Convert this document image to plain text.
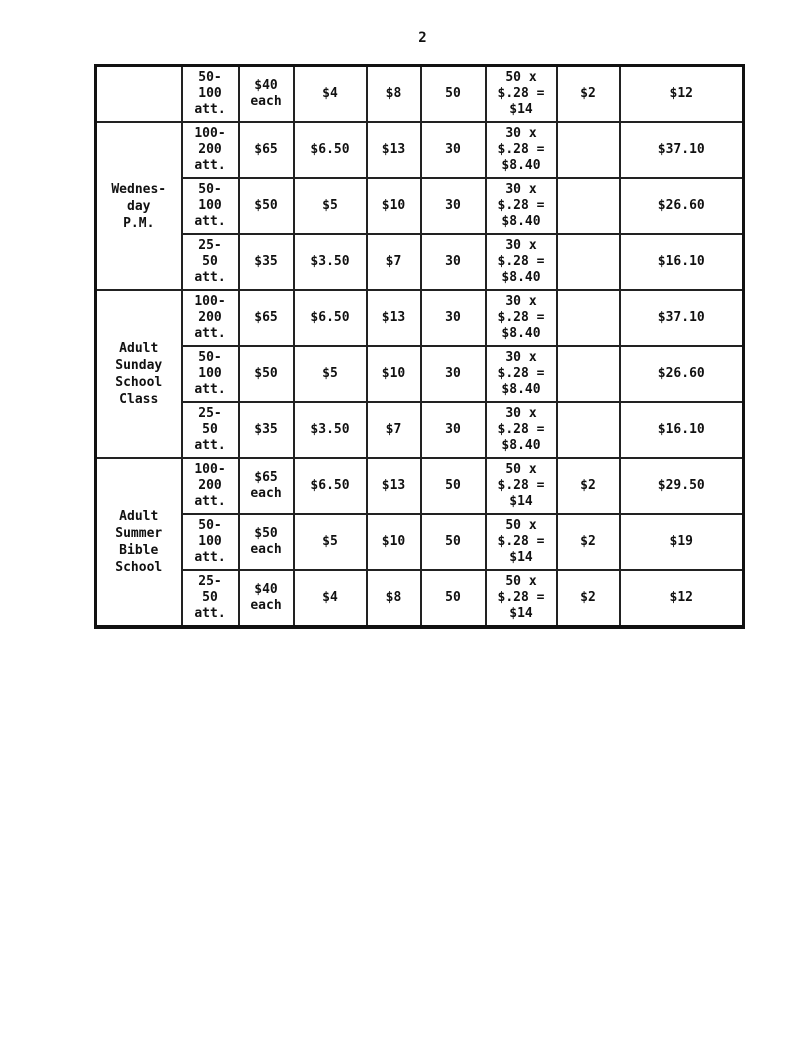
2
	50-
100
att.	$40
each	$4	$8	50	50 x
$.28 =
$14	$2	$12
Wednes-
day
P.M.	100-
200
att.	$65	$6.50	$13	30	30 x
$.28 =
$8.40		$37.10
	50-
100
att.	$50	$5	$10	30	30 x
$.28 =
$8.40		$26.60
	25-
50
att.	$35	$3.50	$7	30	30 x
$.28 =
$8.40		$16.10
Adult
Sunday
School
Class	100-
200
att.	$65	$6.50	$13	30	30 x
$.28 =
$8.40		$37.10
	50-
100
att.	$50	$5	$10	30	30 x
$.28 =
$8.40		$26.60
	25-
50
att.	$35	$3.50	$7	30	30 x
$.28 =
$8.40		$16.10
Adult
Summer
Bible
School	100-
200
att.	$65
each	$6.50	$13	50	50 x
$.28 =
$14	$2	$29.50
	50-
100
att.	$50
each	$5	$10	50	50 x
$.28 =
$14	$2	$19
	25-
50
att.	$40
each	$4	$8	50	50 x
$.28 =
$14	$2	$12
